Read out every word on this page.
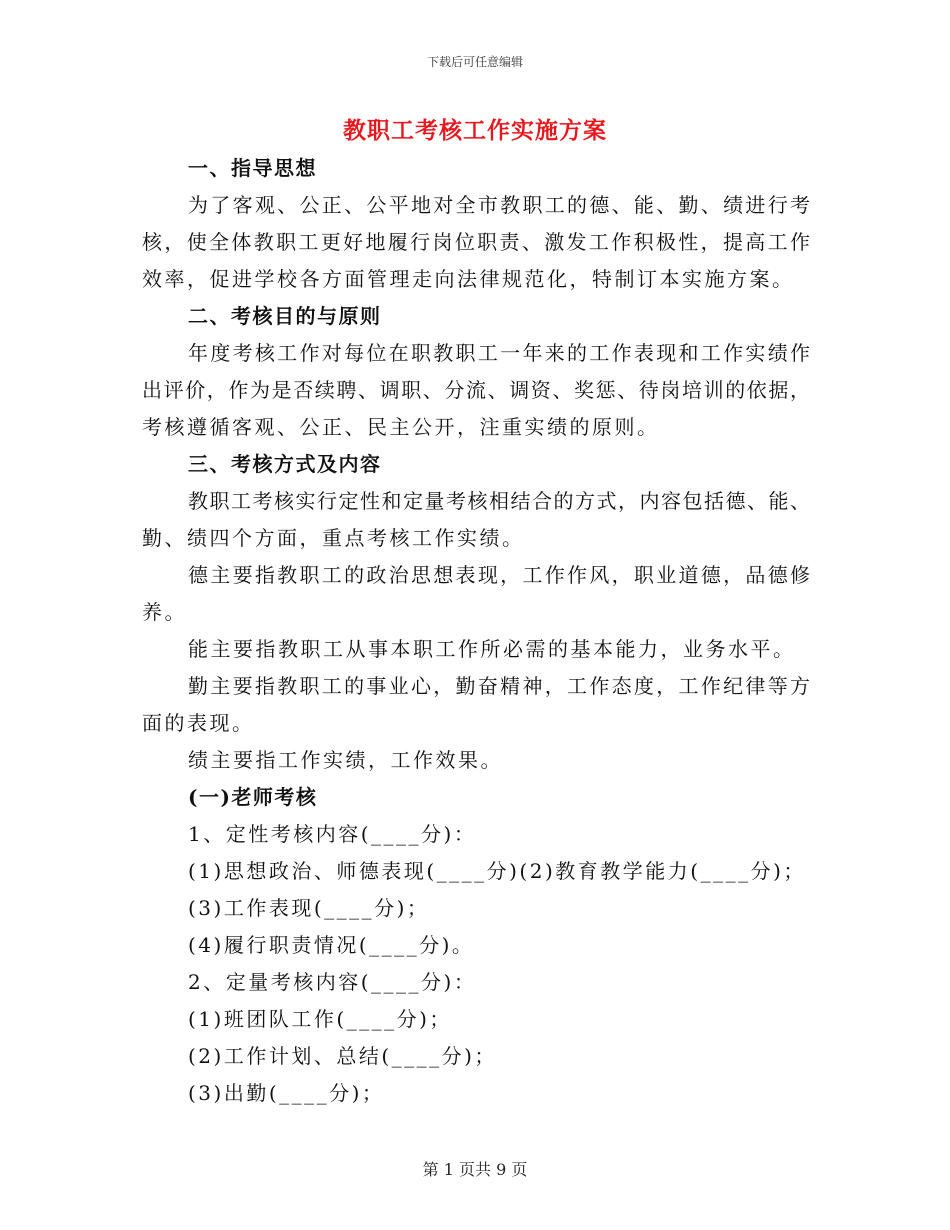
下载后可任意编辑
教职工考核工作实施方案
一、指导思想
为了客观、公正、公平地对全市教职工的德、能、勤、绩进行考
核，使全体教职工更好地履行岗位职责、激发工作积极性，提高工作
效率，促进学校各方面管理走向法律规范化，特制订本实施方案。
二、考核目的与原则
年度考核工作对每位在职教职工一年来的工作表现和工作实绩作
出评价，作为是否续聘、调职、分流、调资、奖惩、待岗培训的依据，
考核遵循客观、公正、民主公开，注重实绩的原则。
三、考核方式及内容
教职工考核实行定性和定量考核相结合的方式，内容包括德、能、
勤、绩四个方面，重点考核工作实绩。
德主要指教职工的政治思想表现，工作作风，职业道德，品德修
养。
能主要指教职工从事本职工作所必需的基本能力，业务水平。
勤主要指教职工的事业心，勤奋精神，工作态度，工作纪律等方
面的表现。
绩主要指工作实绩，工作效果。
(一)老师考核
1、定性考核内容(____分)：
(1)思想政治、师德表现(____分)(2)教育教学能力(____分)；
(3)工作表现(____分)；
(4)履行职责情况(____分)。
2、定量考核内容(____分)：
(1)班团队工作(____分)；
(2)工作计划、总结(____分)；
(3)出勤(____分)；
第 1 页共 9 页
